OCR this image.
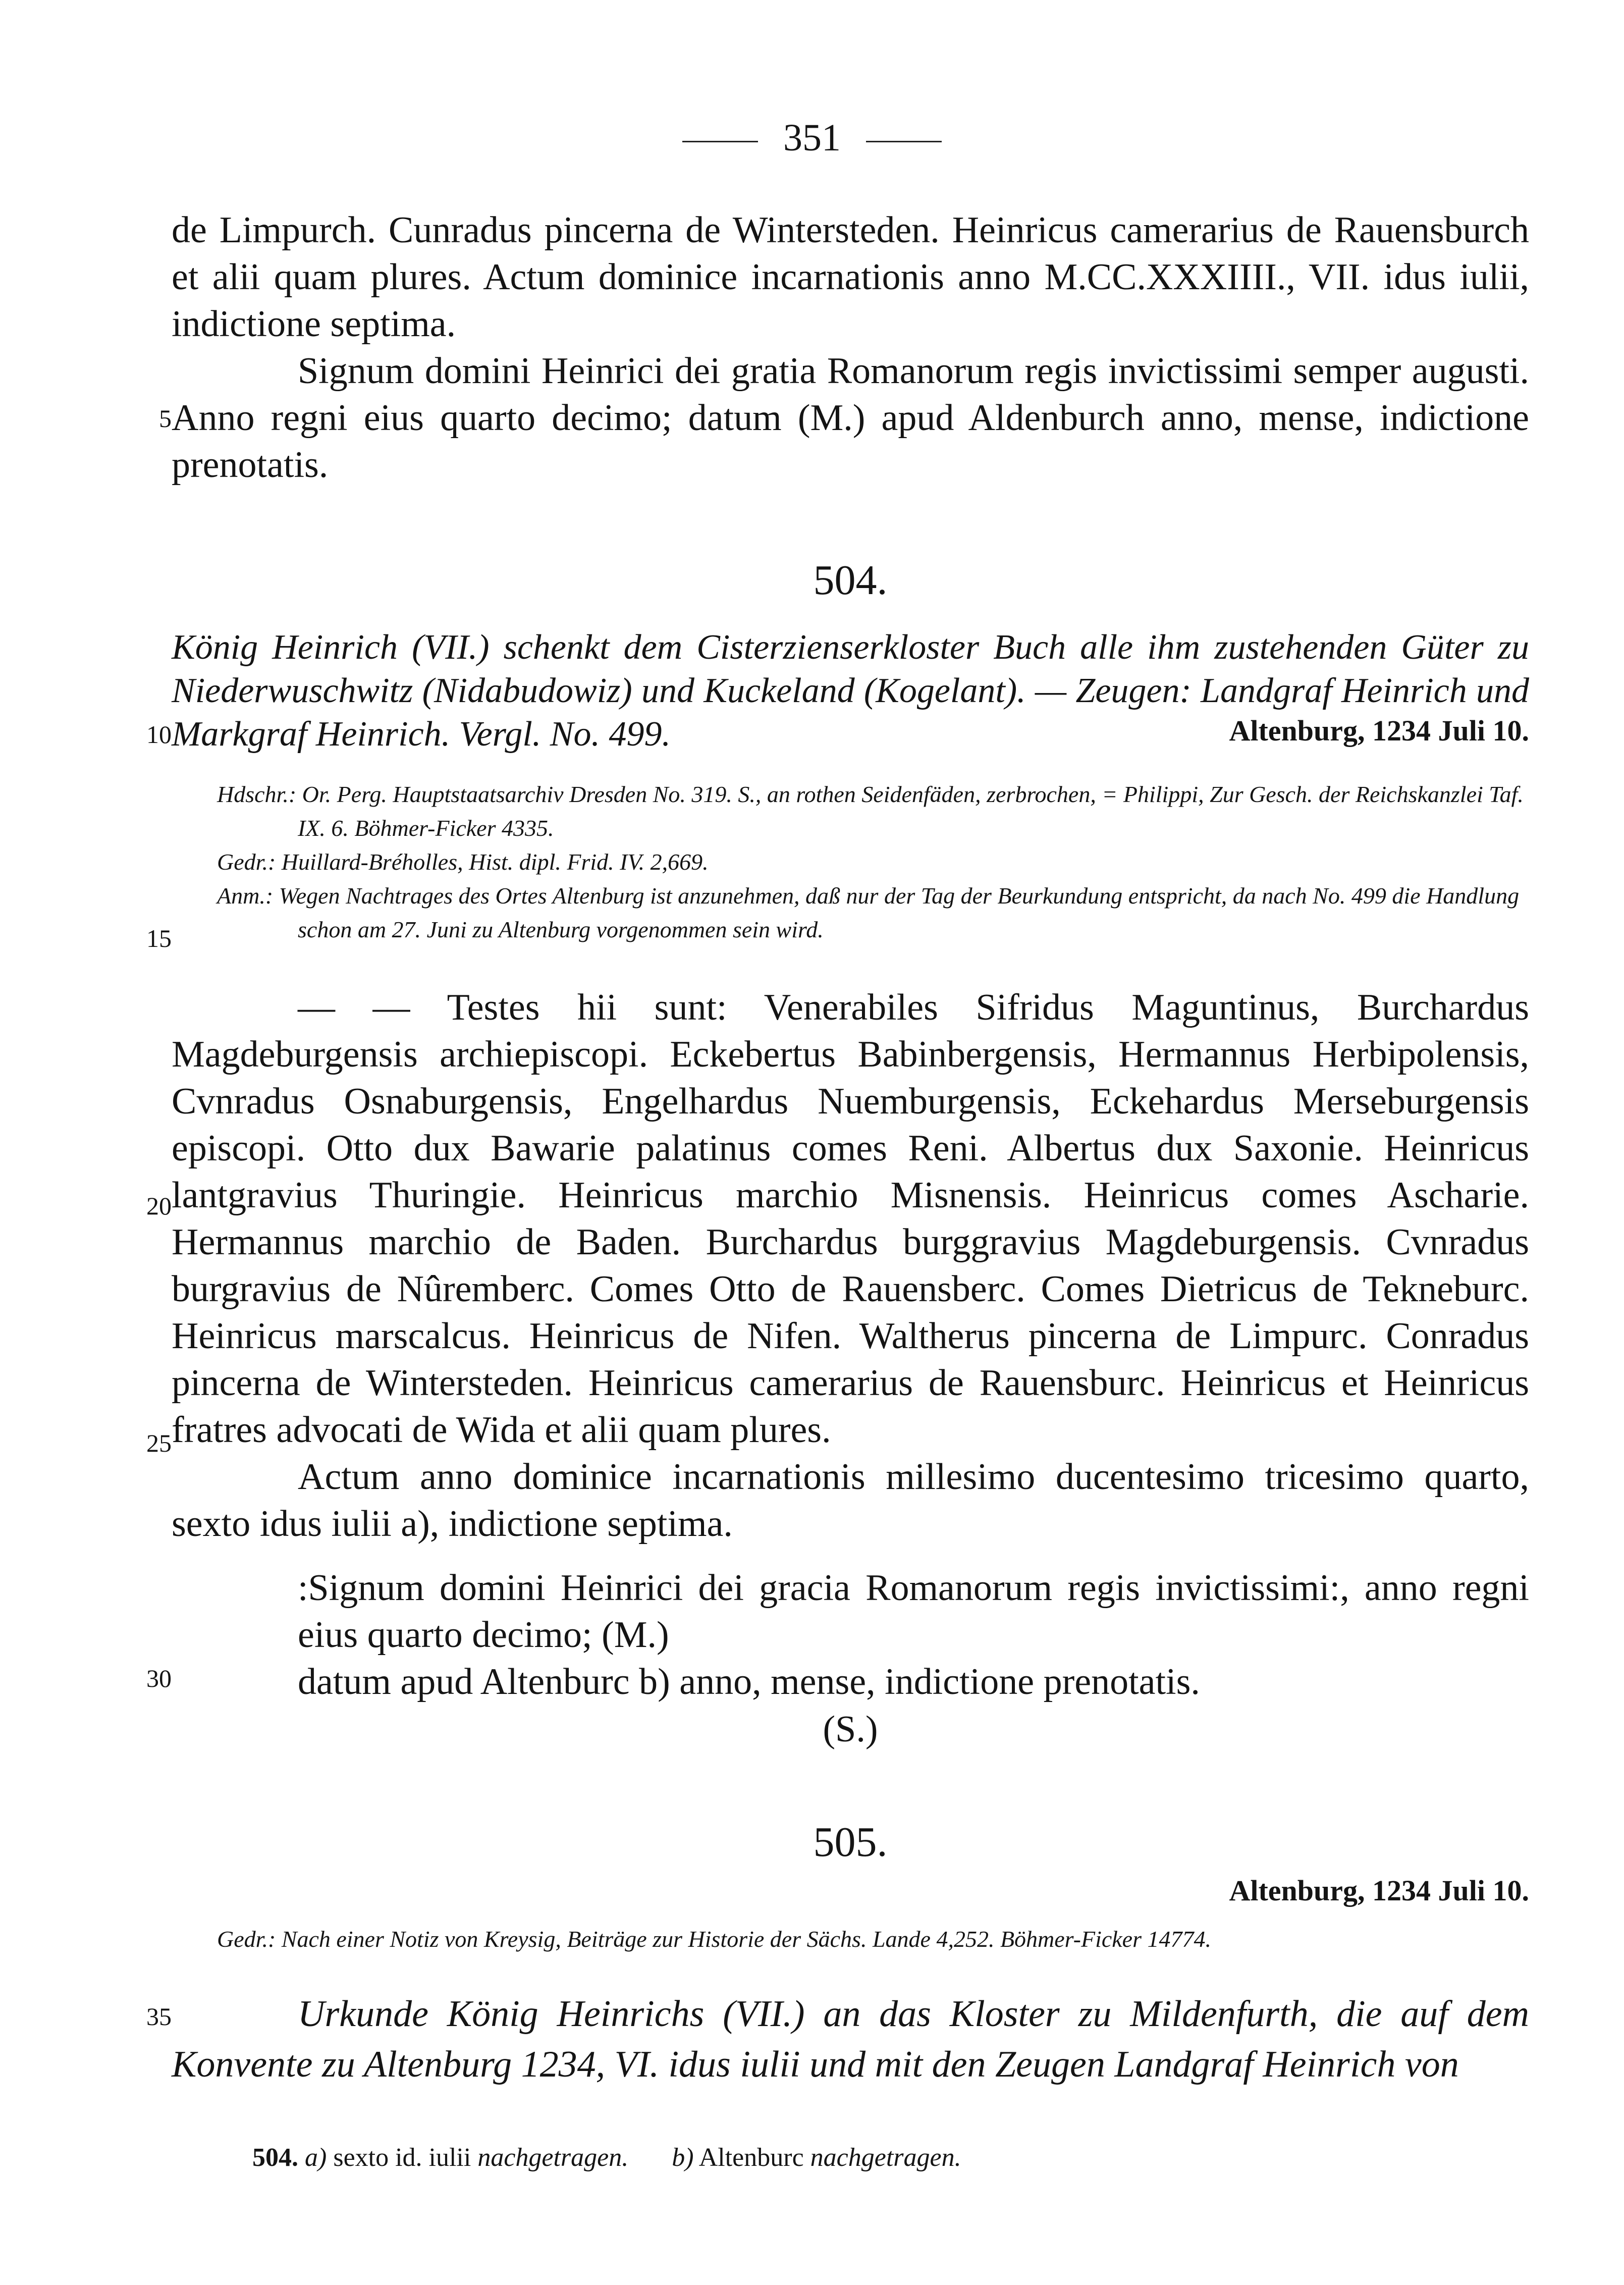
351
5
10
15
20
25
30
35

de Limpurch. Cunradus pincerna de Wintersteden. Heinricus camerarius de Rauensburch et alii quam plures. Actum dominice incarnationis anno M.CC.XXXIIII., VII. idus iulii, indictione septima.

Signum domini Heinrici dei gratia Romanorum regis invictissimi semper augusti. Anno regni eius quarto decimo; datum (M.) apud Aldenburch anno, mense, indictione prenotatis.

504.
König Heinrich (VII.) schenkt dem Cisterzienserkloster Buch alle ihm zustehenden Güter zu Niederwuschwitz (Nidabudowiz) und Kuckeland (Kogelant). — Zeugen: Landgraf Heinrich und Markgraf Heinrich. Vergl. No. 499.	Altenburg, 1234 Juli 10.

Hdschr.: Or. Perg. Hauptstaatsarchiv Dresden No. 319. S., an rothen Seidenfäden, zerbrochen, = Philippi, Zur Gesch. der Reichskanzlei Taf. IX. 6. Böhmer-Ficker 4335.

Gedr.: Huillard-Bréholles, Hist. dipl. Frid. IV. 2,669.

Anm.: Wegen Nachtrages des Ortes Altenburg ist anzunehmen, daß nur der Tag der Beurkundung entspricht, da nach No. 499 die Handlung schon am 27. Juni zu Altenburg vorgenommen sein wird.

— — Testes hii sunt: Venerabiles Sifridus Maguntinus, Burchardus Magdeburgensis archiepiscopi. Eckebertus Babinbergensis, Hermannus Herbipolensis, Cvnradus Osnaburgensis, Engelhardus Nuemburgensis, Eckehardus Merseburgensis episcopi. Otto dux Bawarie palatinus comes Reni. Albertus dux Saxonie. Heinricus lantgravius Thuringie. Heinricus marchio Misnensis. Heinricus comes Ascharie. Hermannus marchio de Baden. Burchardus burggravius Magdeburgensis. Cvnradus burgravius de Nûremberc. Comes Otto de Rauensberc. Comes Dietricus de Tekneburc. Heinricus marscalcus. Heinricus de Nifen. Waltherus pincerna de Limpurc. Conradus pincerna de Wintersteden. Heinricus camerarius de Rauensburc. Heinricus et Heinricus fratres advocati de Wida et alii quam plures.

Actum anno dominice incarnationis millesimo ducentesimo tricesimo quarto, sexto idus iulii a), indictione septima.

:Signum domini Heinrici dei gracia Romanorum regis invictissimi:, anno regni eius quarto decimo; (M.)

datum apud Altenburc b) anno, mense, indictione prenotatis.

(S.)
505.
Altenburg, 1234 Juli 10.

Gedr.: Nach einer Notiz von Kreysig, Beiträge zur Historie der Sächs. Lande 4,252. Böhmer-Ficker 14774.

Urkunde König Heinrichs (VII.) an das Kloster zu Mildenfurth, die auf dem Konvente zu Altenburg 1234, VI. idus iulii und mit den Zeugen Landgraf Heinrich von
504. a) sexto id. iulii nachgetragen. b) Altenburc nachgetragen.
